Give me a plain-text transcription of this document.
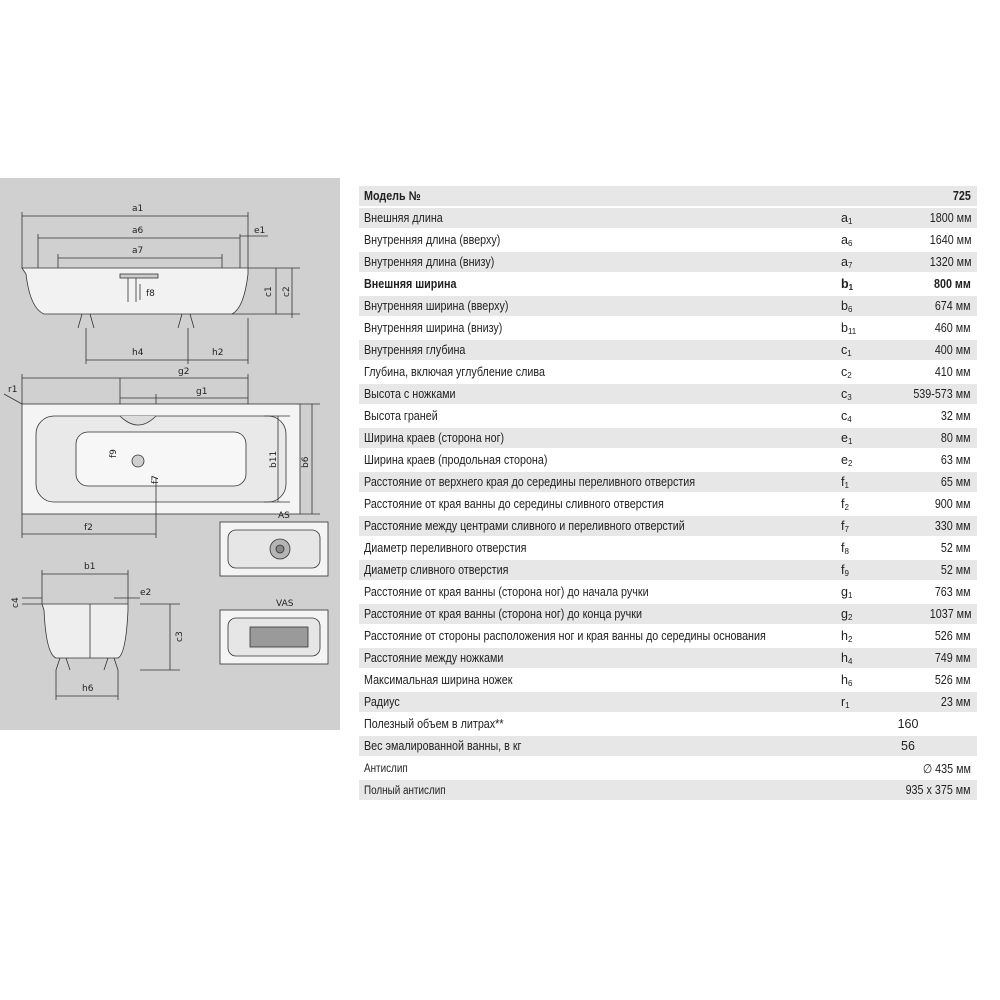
a1
a6
a7
e1
c1 c2
f8
h4	h2
g2
g1
r1
f9
f7
b11 b6
f2
AS
VAS
b1
e2
c4
c3
h6
Модель №		725
Внешняя длина	a1	1800 мм
Внутренняя длина (вверху)	a6	1640 мм
Внутренняя длина (внизу)	a7	1320 мм
Внешняя ширина	b1	800 мм
Внутренняя ширина (вверху)	b6	674 мм
Внутренняя ширина (внизу)	b11	460 мм
Внутренняя глубина	c1	400 мм
Глубина, включая углубление слива	c2	410 мм
Высота с ножками	c3	539-573 мм
Высота граней	c4	32 мм
Ширина краев (сторона ног)	e1	80 мм
Ширина краев (продольная сторона)	e2	63 мм
Расстояние от верхнего края до середины переливного отверстия	f1	65 мм
Расстояние от края ванны до середины сливного отверстия	f2	900 мм
Расстояние между центрами сливного и переливного отверстий	f7	330 мм
Диаметр переливного отверстия	f8	52 мм
Диаметр сливного отверстия	f9	52 мм
Расстояние от края ванны (сторона ног) до начала ручки	g1	763 мм
Расстояние от края ванны (сторона ног) до конца ручки	g2	1037 мм
Расстояние от стороны расположения ног и края ванны до середины основания	h2	526 мм
Расстояние между ножками	h4	749 мм
Максимальная ширина ножек	h6	526 мм
Радиус	r1	23 мм
Полезный объем в литрах**	160	
Вес эмалированной ванны, в кг	56	
Антислип	∅ 435 мм	
Полный антислип	935 x 375 мм	
